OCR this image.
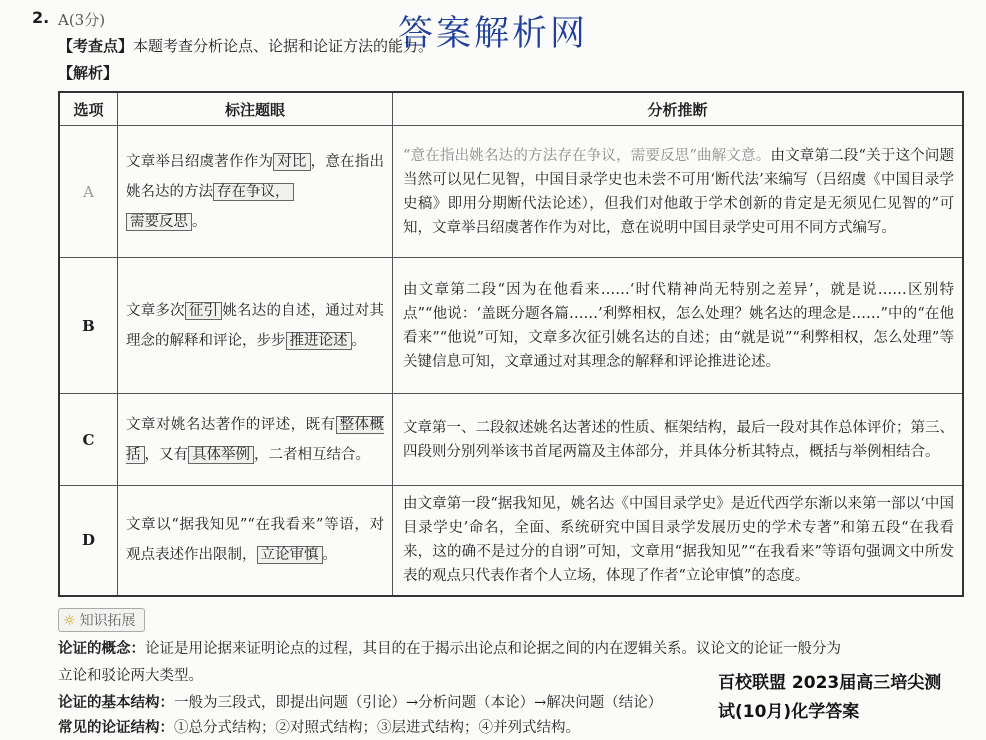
2. A(3分)	答案解析网
【考查点】本题考查分析论点、论据和论证方法的能力。
【解析】
选项	标注题眼	分析推断
A	文章举吕绍虞著作作为 对比 ，意在指出姚名达的方法 存在争议，
需要反思 。	“意在指出姚名达的方法存在争议，需要反思”曲解文意。由文章第二段“关于这个问题当然可以见仁见智，中国目录学史也未尝不可用‘断代法’来编写（吕绍虞《中国目录学史稿》即用分期断代法论述），但我们对他敢于学术创新的肯定是无须见仁见智的”可知，文章举吕绍虞著作作为对比，意在说明中国目录学史可用不同方式编写。
B	文章多次 征引 姚名达的自述，通过对其理念的解释和评论，步步 推进论述 。	由文章第二段“因为在他看来……‘时代精神尚无特别之差异’，就是说……区别特点”“他说：‘盖既分题各篇……’利弊相权，怎么处理？姚名达的理念是……”中的“在他看来”“他说”可知，文章多次征引姚名达的自述；由“就是说”“利弊相权，怎么处理”等关键信息可知，文章通过对其理念的解释和评论推进论述。
C	文章对姚名达著作的评述，既有 整体概括 ，又有 具体举例 ，二者相互结合。	文章第一、二段叙述姚名达著述的性质、框架结构，最后一段对其作总体评价；第三、四段则分别列举该书首尾两篇及主体部分，并具体分析其特点，概括与举例相结合。
D	文章以“据我知见”“在我看来”等语，对观点表述作出限制， 立论审慎 。	由文章第一段“据我知见，姚名达《中国目录学史》是近代西学东渐以来第一部以‘中国目录学史’命名，全面、系统研究中国目录学发展历史的学术专著”和第五段“在我看来，这的确不是过分的自诩”可知，文章用“据我知见”“在我看来”等语句强调文中所发表的观点只代表作者个人立场，体现了作者“立论审慎”的态度。
☼ 知识拓展
论证的概念：论证是用论据来证明论点的过程，其目的在于揭示出论点和论据之间的内在逻辑关系。议论文的论证一般分为
立论和驳论两大类型。
论证的基本结构：一般为三段式，即提出问题（引论）→分析问题（本论）→解决问题（结论）
常见的论证结构：①总分式结构；②对照式结构；③层进式结构；④并列式结构。
百校联盟 2023届高三培尖测
试(10月)化学答案
